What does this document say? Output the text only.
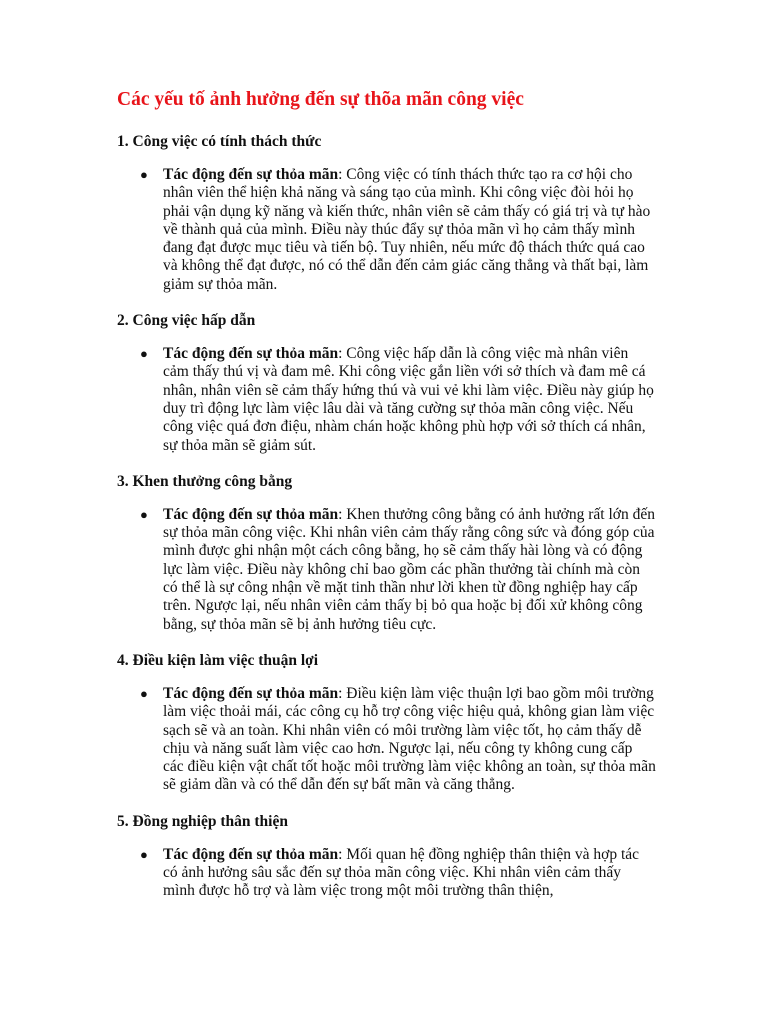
Các yếu tố ảnh hưởng đến sự thõa mãn công việc
1. Công việc có tính thách thức
● Tác động đến sự thỏa mãn: Công việc có tính thách thức tạo ra cơ hội cho nhân viên thể hiện khả năng và sáng tạo của mình. Khi công việc đòi hỏi họ phải vận dụng kỹ năng và kiến thức, nhân viên sẽ cảm thấy có giá trị và tự hào về thành quả của mình. Điều này thúc đẩy sự thỏa mãn vì họ cảm thấy mình đang đạt được mục tiêu và tiến bộ. Tuy nhiên, nếu mức độ thách thức quá cao và không thể đạt được, nó có thể dẫn đến cảm giác căng thẳng và thất bại, làm giảm sự thỏa mãn.
2. Công việc hấp dẫn
● Tác động đến sự thỏa mãn: Công việc hấp dẫn là công việc mà nhân viên cảm thấy thú vị và đam mê. Khi công việc gắn liền với sở thích và đam mê cá nhân, nhân viên sẽ cảm thấy hứng thú và vui vẻ khi làm việc. Điều này giúp họ duy trì động lực làm việc lâu dài và tăng cường sự thỏa mãn công việc. Nếu công việc quá đơn điệu, nhàm chán hoặc không phù hợp với sở thích cá nhân, sự thỏa mãn sẽ giảm sút.
3. Khen thưởng công bằng
● Tác động đến sự thỏa mãn: Khen thưởng công bằng có ảnh hưởng rất lớn đến sự thỏa mãn công việc. Khi nhân viên cảm thấy rằng công sức và đóng góp của mình được ghi nhận một cách công bằng, họ sẽ cảm thấy hài lòng và có động lực làm việc. Điều này không chỉ bao gồm các phần thưởng tài chính mà còn có thể là sự công nhận về mặt tinh thần như lời khen từ đồng nghiệp hay cấp trên. Ngược lại, nếu nhân viên cảm thấy bị bỏ qua hoặc bị đối xử không công bằng, sự thỏa mãn sẽ bị ảnh hưởng tiêu cực.
4. Điều kiện làm việc thuận lợi
● Tác động đến sự thỏa mãn: Điều kiện làm việc thuận lợi bao gồm môi trường làm việc thoải mái, các công cụ hỗ trợ công việc hiệu quả, không gian làm việc sạch sẽ và an toàn. Khi nhân viên có môi trường làm việc tốt, họ cảm thấy dễ chịu và năng suất làm việc cao hơn. Ngược lại, nếu công ty không cung cấp các điều kiện vật chất tốt hoặc môi trường làm việc không an toàn, sự thỏa mãn sẽ giảm dần và có thể dẫn đến sự bất mãn và căng thẳng.
5. Đồng nghiệp thân thiện
● Tác động đến sự thỏa mãn: Mối quan hệ đồng nghiệp thân thiện và hợp tác có ảnh hưởng sâu sắc đến sự thỏa mãn công việc. Khi nhân viên cảm thấy mình được hỗ trợ và làm việc trong một môi trường thân thiện,
